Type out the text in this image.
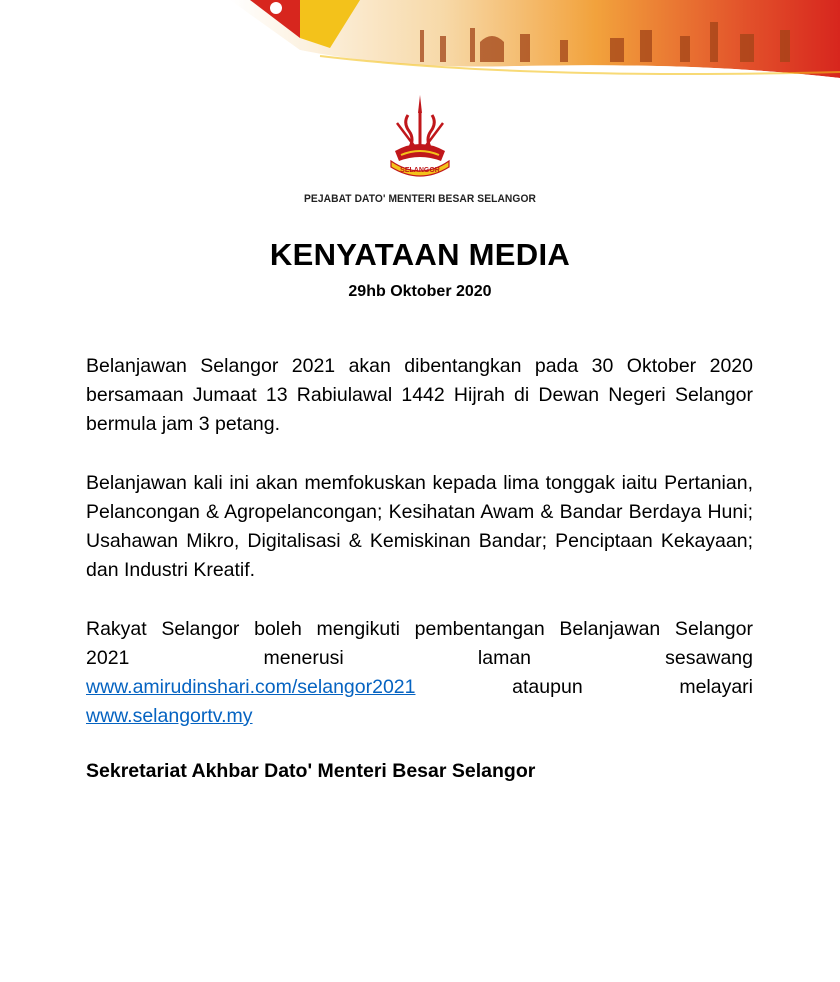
SELANGOR
PEJABAT DATO' MENTERI BESAR SELANGOR
KENYATAAN MEDIA
29hb Oktober 2020
Belanjawan Selangor 2021 akan dibentangkan pada 30 Oktober 2020 bersamaan Jumaat 13 Rabiulawal 1442 Hijrah di Dewan Negeri Selangor bermula jam 3 petang.
Belanjawan kali ini akan memfokuskan kepada lima tonggak iaitu Pertanian, Pelancongan & Agropelancongan; Kesihatan Awam & Bandar Berdaya Huni; Usahawan Mikro, Digitalisasi & Kemiskinan Bandar; Penciptaan Kekayaan; dan Industri Kreatif.
Rakyat Selangor boleh mengikuti pembentangan Belanjawan Selangor
2021 menerusi laman sesawang
www.amirudinshari.com/selangor2021	ataupun melayari
www.selangortv.my
Sekretariat Akhbar Dato' Menteri Besar Selangor
